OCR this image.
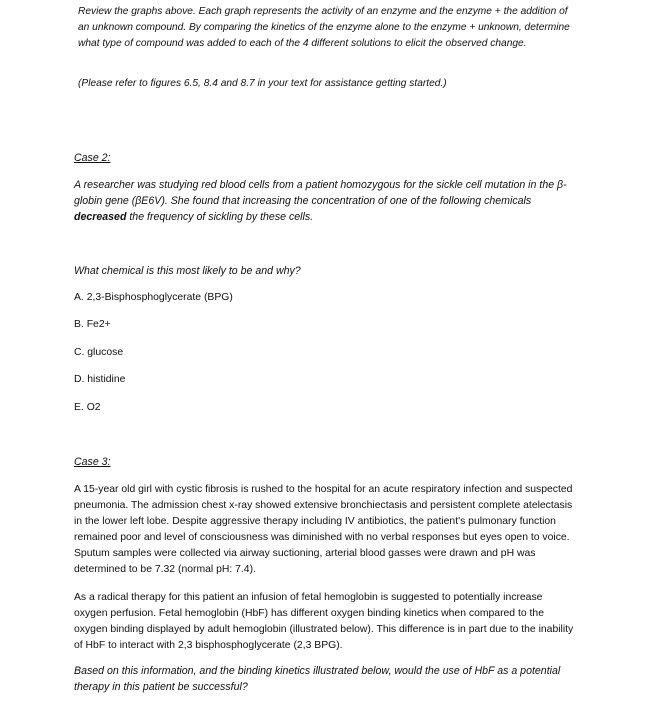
Review the graphs above. Each graph represents the activity of an enzyme and the enzyme + the addition of an unknown compound. By comparing the kinetics of the enzyme alone to the enzyme + unknown, determine what type of compound was added to each of the 4 different solutions to elicit the observed change.

(Please refer to figures 6.5, 8.4 and 8.7 in your text for assistance getting started.)

Case 2:

A researcher was studying red blood cells from a patient homozygous for the sickle cell mutation in the β-globin gene (βE6V). She found that increasing the concentration of one of the following chemicals decreased the frequency of sickling by these cells.

What chemical is this most likely to be and why?

A. 2,3-Bisphosphoglycerate (BPG)

B. Fe2+

C. glucose

D. histidine

E. O2

Case 3:

A 15-year old girl with cystic fibrosis is rushed to the hospital for an acute respiratory infection and suspected pneumonia. The admission chest x-ray showed extensive bronchiectasis and persistent complete atelectasis in the lower left lobe. Despite aggressive therapy including IV antibiotics, the patient's pulmonary function remained poor and level of consciousness was diminished with no verbal responses but eyes open to voice. Sputum samples were collected via airway suctioning, arterial blood gasses were drawn and pH was determined to be 7.32 (normal pH: 7.4).

As a radical therapy for this patient an infusion of fetal hemoglobin is suggested to potentially increase oxygen perfusion. Fetal hemoglobin (HbF) has different oxygen binding kinetics when compared to the oxygen binding displayed by adult hemoglobin (illustrated below). This difference is in part due to the inability of HbF to interact with 2,3 bisphosphoglycerate (2,3 BPG).

Based on this information, and the binding kinetics illustrated below, would the use of HbF as a potential therapy in this patient be successful?
